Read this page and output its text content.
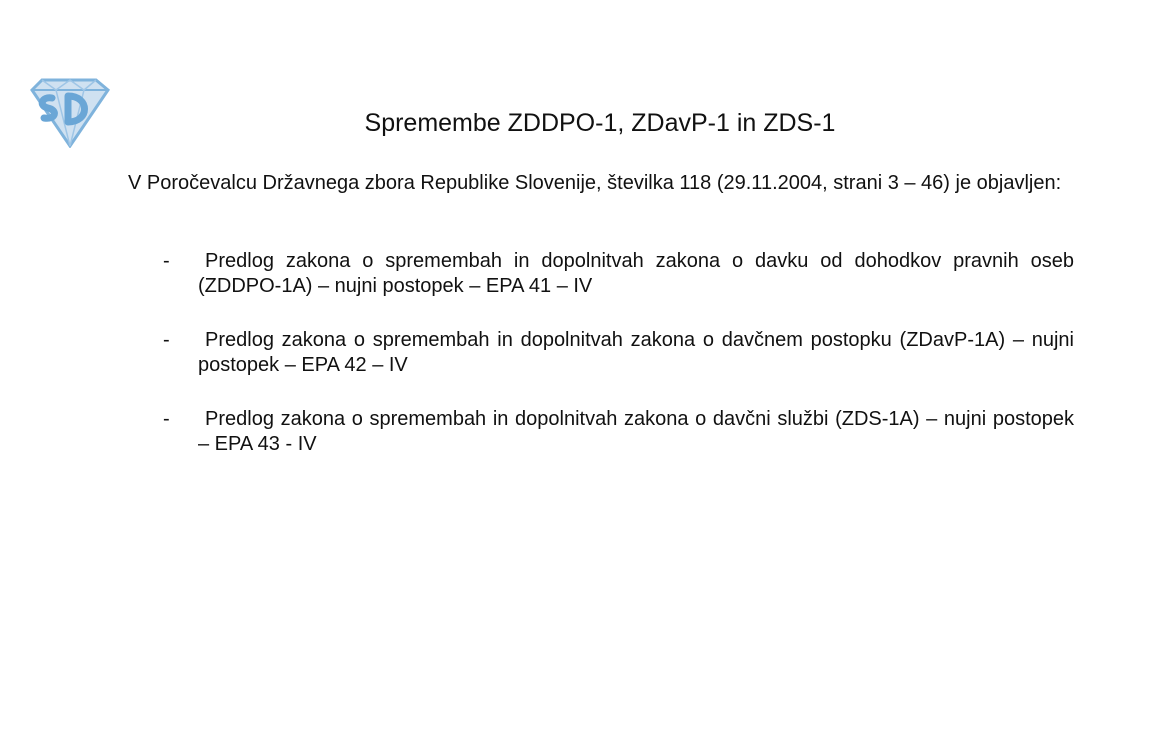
Spremembe ZDDPO-1, ZDavP-1 in ZDS-1
V Poročevalcu Državnega zbora Republike Slovenije, številka 118 (29.11.2004, strani 3 – 46) je objavljen:
-	Predlog zakona o spremembah in dopolnitvah zakona o davku od dohodkov pravnih oseb (ZDDPO-1A) – nujni postopek – EPA 41 – IV
-	Predlog zakona o spremembah in dopolnitvah zakona o davčnem postopku (ZDavP-1A) – nujni postopek – EPA 42 – IV
-	Predlog zakona o spremembah in dopolnitvah zakona o davčni službi (ZDS-1A) – nujni postopek – EPA 43 - IV
